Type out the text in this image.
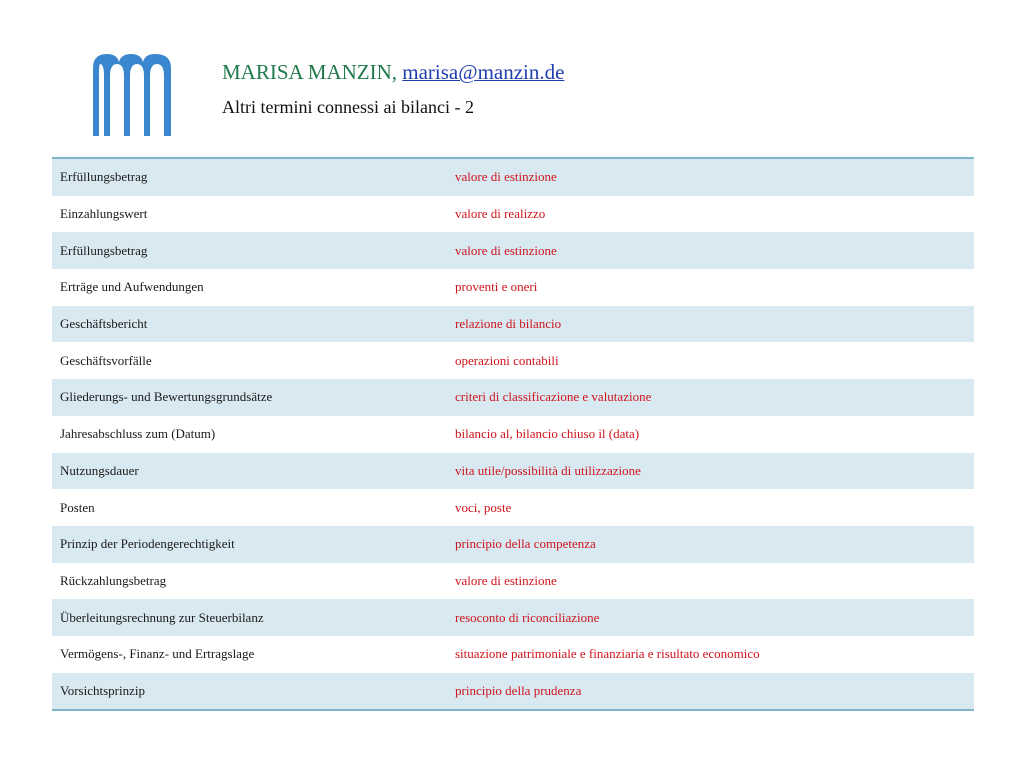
MARISA MANZIN, marisa@manzin.de
Altri termini connessi ai bilanci - 2
Erfüllungsbetrag	valore di estinzione
Einzahlungswert	valore di realizzo
Erfüllungsbetrag	valore di estinzione
Erträge und Aufwendungen	proventi e oneri
Geschäftsbericht	relazione di bilancio
Geschäftsvorfälle	operazioni contabili
Gliederungs- und Bewertungsgrundsätze	criteri di classificazione e valutazione
Jahresabschluss zum (Datum)	bilancio al, bilancio chiuso il (data)
Nutzungsdauer	vita utile/possibilità di utilizzazione
Posten	voci, poste
Prinzip der Periodengerechtigkeit	principio della competenza
Rückzahlungsbetrag	valore di estinzione
Überleitungsrechnung zur Steuerbilanz	resoconto di riconciliazione
Vermögens-, Finanz- und Ertragslage	situazione patrimoniale e finanziaria e risultato economico
Vorsichtsprinzip	principio della prudenza
